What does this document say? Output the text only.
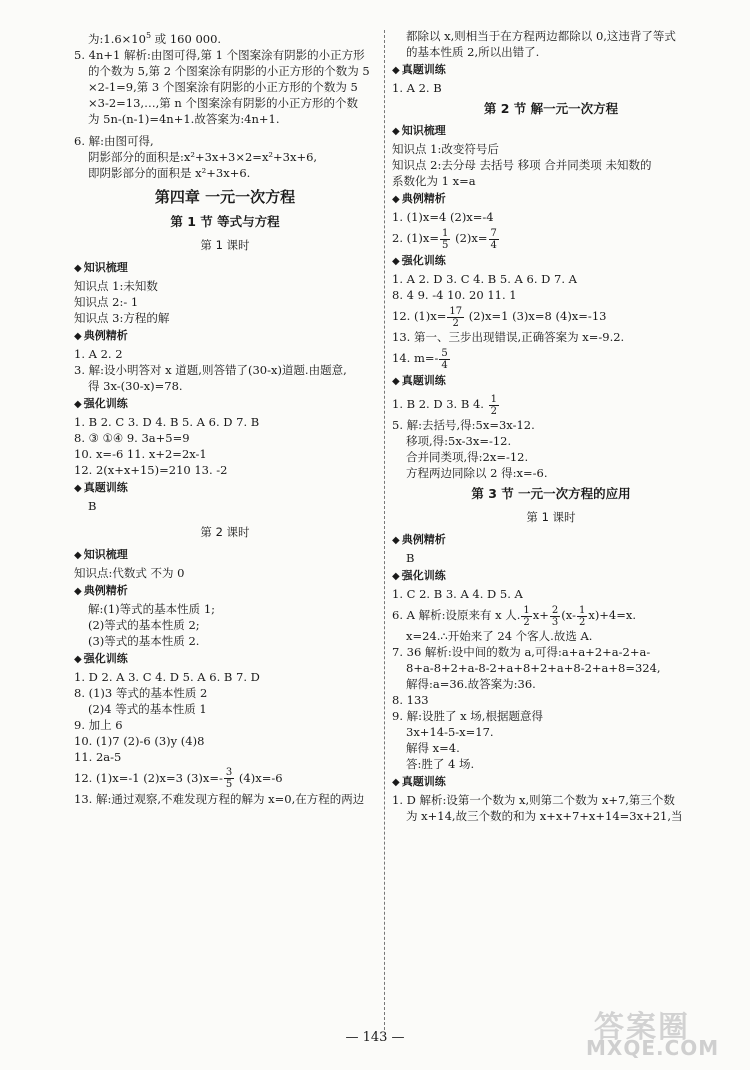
为$:1.6\times 10^5$ 或 160 000.

5. 4n+1 解析:由图可得,第 1 个图案涂有阴影的小正方形

的个数为 5,第 2 个图案涂有阴影的小正方形的个数为 5

×2-1=9,第 3 个图案涂有阴影的小正方形的个数为 5

×3-2=13,…,第 n 个图案涂有阴影的小正方形的个数

为 5n-(n-1)=4n+1.故答案为:4n+1.

6. 解:由图可得,

阴影部分的面积是:x²+3x+3×2=x²+3x+6,

即阴影部分的面积是 x²+3x+6.

第四章 一元一次方程

第 1 节 等式与方程

第 1 课时

◆ 知识梳理

知识点 1:未知数

知识点 2:- 1

知识点 3:方程的解

◆ 典例精析

1. A 2. 2

3. 解:设小明答对 x 道题,则答错了(30-x)道题.由题意,

得 3x-(30-x)=78.

◆ 强化训练

1. B 2. C 3. D 4. B 5. A 6. D 7. B

8. ③ ①④ 9. 3a+5=9

10. x=-6 11. x+2=2x-1

12. 2(x+x+15)=210 13. -2

◆ 真题训练

B

第 2 课时

◆ 知识梳理

知识点:代数式 不为 0

◆ 典例精析

解:(1)等式的基本性质 1;

(2)等式的基本性质 2;

(3)等式的基本性质 2.

◆ 强化训练

1. D 2. A 3. C 4. D 5. A 6. B 7. D

8. (1)3 等式的基本性质 2

(2)4 等式的基本性质 1

9. 加上 6

10. (1)7 (2)-6 (3)y (4)8

11. 2a-5

12. (1)x=-1 (2)x=3 $(3)x=- \frac{3}{5} (4)x=-6$

13. 解:通过观察,不难发现方程的解为 x=0,在方程的两边

都除以 x,则相当于在方程两边都除以 0,这违背了等式

的基本性质 2,所以出错了.

◆ 真题训练

1. A 2. B

第 2 节 解一元一次方程

◆ 知识梳理

知识点 1:改变符号后

知识点 2:去分母 去括号 移项 合并同类项 未知数的

系数化为 1 x=a

◆ 典例精析

1. (1)x=4 (2)x=-4

2. $(1)x= \frac{1}{5} (2)x= \frac{7}{4}$

◆ 强化训练

1. A 2. D 3. C 4. B 5. A 6. D 7. A

8. 4 9. -4 10. 20 11. 1

12. $(1)x= \frac{17}{2} (2)x=1$ (3)x=8 (4)x=-13

13. 第一、三步出现错误,正确答案为 x=-9.2.

14. $m=- \frac{5}{4}$

◆ 真题训练

1. B 2. D 3. B 4. $\frac{1}{2}$

5. 解:去括号,得:5x=3x-12.

移项,得:5x-3x=-12.

合并同类项,得:2x=-12.

方程两边同除以 2 得:x=-6.

第 3 节 一元一次方程的应用

第 1 课时

◆ 典例精析

B

◆ 强化训练

1. C 2. B 3. A 4. D 5. A

6. A 解析:设原来有 x 人. $\frac{1}{2} x+ \frac{2}{3} (x- \frac{1}{2} x)+4=x$.

x=24.∴开始来了 24 个客人.故选 A.

7. 36 解析:设中间的数为 a,可得:a+a+2+a-2+a-

8+a-8+2+a-8-2+a+8+2+a+8-2+a+8=324,

解得:a=36.故答案为:36.

8. 133

9. 解:设胜了 x 场,根据题意得

3x+14-5-x=17.

解得 x=4.

答:胜了 4 场.

◆ 真题训练

1. D 解析:设第一个数为 x,则第二个数为 x+7,第三个数

为 x+14,故三个数的和为 x+x+7+x+14=3x+21,当

— 143 —	答案圈
MXQE.COM
